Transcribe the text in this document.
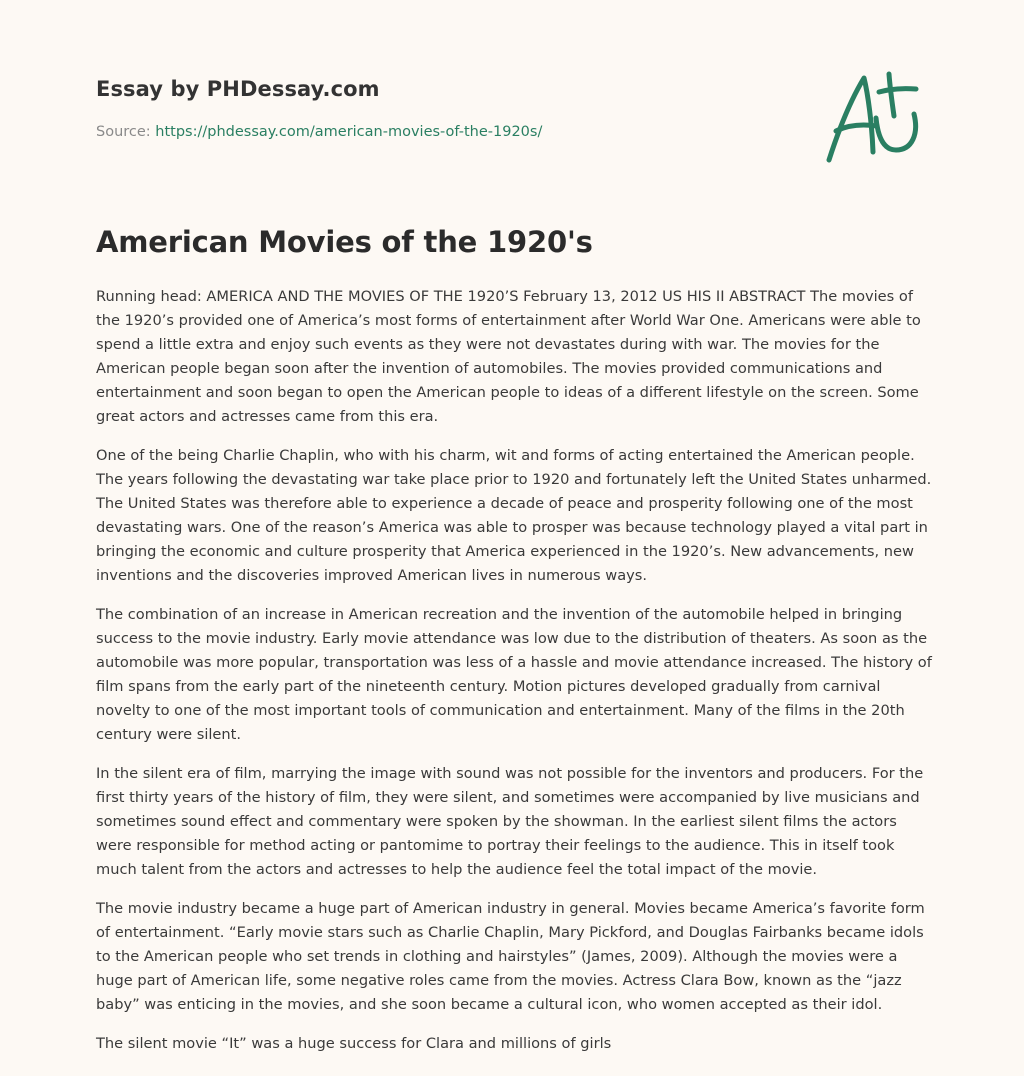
Essay by PHDessay.com
Source: https://phdessay.com/american-movies-of-the-1920s/
American Movies of the 1920's

Running head: AMERICA AND THE MOVIES OF THE 1920’S February 13, 2012 US HIS II ABSTRACT The movies of the 1920’s provided one of America’s most forms of entertainment after World War One. Americans were able to spend a little extra and enjoy such events as they were not devastates during with war. The movies for the American people began soon after the invention of automobiles. The movies provided communications and entertainment and soon began to open the American people to ideas of a different lifestyle on the screen. Some great actors and actresses came from this era.

One of the being Charlie Chaplin, who with his charm, wit and forms of acting entertained the American people. The years following the devastating war take place prior to 1920 and fortunately left the United States unharmed. The United States was therefore able to experience a decade of peace and prosperity following one of the most devastating wars. One of the reason’s America was able to prosper was because technology played a vital part in bringing the economic and culture prosperity that America experienced in the 1920’s. New advancements, new inventions and the discoveries improved American lives in numerous ways.

The combination of an increase in American recreation and the invention of the automobile helped in bringing success to the movie industry. Early movie attendance was low due to the distribution of theaters. As soon as the automobile was more popular, transportation was less of a hassle and movie attendance increased. The history of film spans from the early part of the nineteenth century. Motion pictures developed gradually from carnival novelty to one of the most important tools of communication and entertainment. Many of the films in the 20th century were silent.

In the silent era of film, marrying the image with sound was not possible for the inventors and producers. For the first thirty years of the history of film, they were silent, and sometimes were accompanied by live musicians and sometimes sound effect and commentary were spoken by the showman. In the earliest silent films the actors were responsible for method acting or pantomime to portray their feelings to the audience. This in itself took much talent from the actors and actresses to help the audience feel the total impact of the movie.

The movie industry became a huge part of American industry in general. Movies became America’s favorite form of entertainment. “Early movie stars such as Charlie Chaplin, Mary Pickford, and Douglas Fairbanks became idols to the American people who set trends in clothing and hairstyles” (James, 2009). Although the movies were a huge part of American life, some negative roles came from the movies. Actress Clara Bow, known as the “jazz baby” was enticing in the movies, and she soon became a cultural icon, who women accepted as their idol.

The silent movie “It” was a huge success for Clara and millions of girls
